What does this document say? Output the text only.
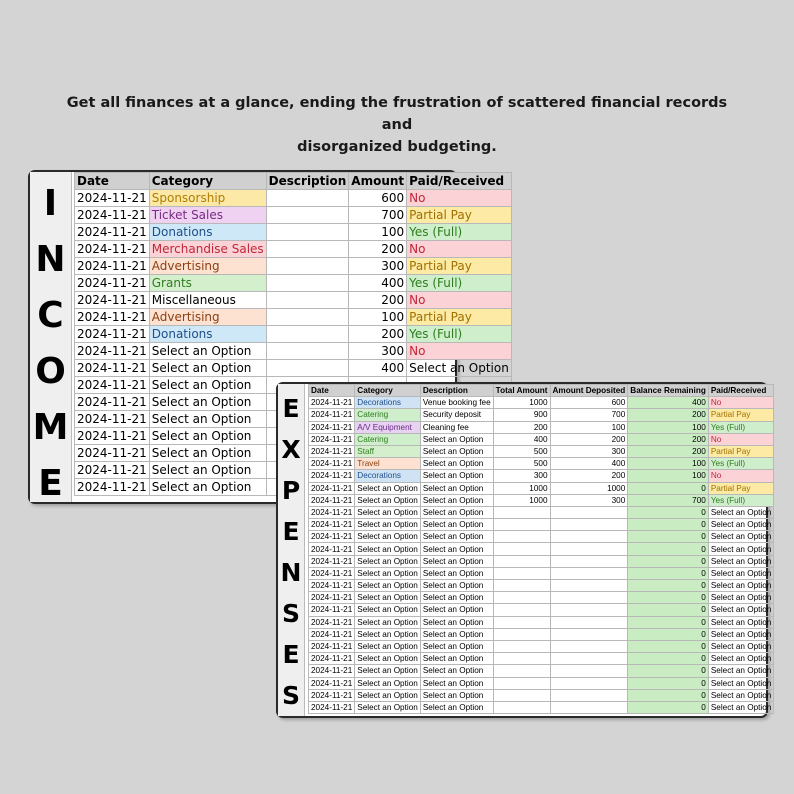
Get all finances at a glance, ending the frustration of scattered financial records and
disorganized budgeting.
I
N
C
O
M
E
Date	Category	Description	Amount	Paid/Received
2024-11-21	Sponsorship		600	No
2024-11-21	Ticket Sales		700	Partial Pay
2024-11-21	Donations		100	Yes (Full)
2024-11-21	Merchandise Sales		200	No
2024-11-21	Advertising		300	Partial Pay
2024-11-21	Grants		400	Yes (Full)
2024-11-21	Miscellaneous		200	No
2024-11-21	Advertising		100	Partial Pay
2024-11-21	Donations		200	Yes (Full)
2024-11-21	Select an Option		300	No
2024-11-21	Select an Option		400	Select an Option
2024-11-21	Select an Option			
2024-11-21	Select an Option			
2024-11-21	Select an Option			
2024-11-21	Select an Option			
2024-11-21	Select an Option			
2024-11-21	Select an Option			
2024-11-21	Select an Option			
E
X
P
E
N
S
E
S
Date	Category	Description	Total Amount	Amount Deposited	Balance Remaining	Paid/Received
2024-11-21	Decorations	Venue booking fee	1000	600	400	No
2024-11-21	Catering	Security deposit	900	700	200	Partial Pay
2024-11-21	A/V Equipment	Cleaning fee	200	100	100	Yes (Full)
2024-11-21	Catering	Select an Option	400	200	200	No
2024-11-21	Staff	Select an Option	500	300	200	Partial Pay
2024-11-21	Travel	Select an Option	500	400	100	Yes (Full)
2024-11-21	Decorations	Select an Option	300	200	100	No
2024-11-21	Select an Option	Select an Option	1000	1000	0	Partial Pay
2024-11-21	Select an Option	Select an Option	1000	300	700	Yes (Full)
2024-11-21	Select an Option	Select an Option			0	Select an Option
2024-11-21	Select an Option	Select an Option			0	Select an Option
2024-11-21	Select an Option	Select an Option			0	Select an Option
2024-11-21	Select an Option	Select an Option			0	Select an Option
2024-11-21	Select an Option	Select an Option			0	Select an Option
2024-11-21	Select an Option	Select an Option			0	Select an Option
2024-11-21	Select an Option	Select an Option			0	Select an Option
2024-11-21	Select an Option	Select an Option			0	Select an Option
2024-11-21	Select an Option	Select an Option			0	Select an Option
2024-11-21	Select an Option	Select an Option			0	Select an Option
2024-11-21	Select an Option	Select an Option			0	Select an Option
2024-11-21	Select an Option	Select an Option			0	Select an Option
2024-11-21	Select an Option	Select an Option			0	Select an Option
2024-11-21	Select an Option	Select an Option			0	Select an Option
2024-11-21	Select an Option	Select an Option			0	Select an Option
2024-11-21	Select an Option	Select an Option			0	Select an Option
2024-11-21	Select an Option	Select an Option			0	Select an Option
